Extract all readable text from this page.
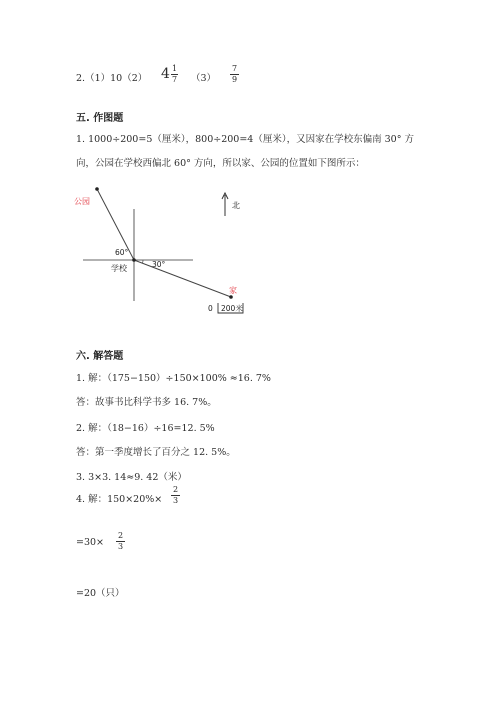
2.（1）10（2） 4 1
7 （3）
7
9
五. 作图题
1. 1000÷200=5（厘米），800÷200=4（厘米），又因家在学校东偏南 30° 方
向，公园在学校西偏北 60° 方向，所以家、公园的位置如下图所示：
公园	北
60°
30°
学校
家
0 200米
六. 解答题
1. 解：（175−150）÷150×100% ≈16. 7%
答：故事书比科学书多 16. 7%。
2. 解：（18−16）÷16=12. 5%
答：第一季度增长了百分之 12. 5%。
3. 3×3. 14≈9. 42（米）
4. 解：150×20%×
2
3
=30×
2
3
=20（只）
